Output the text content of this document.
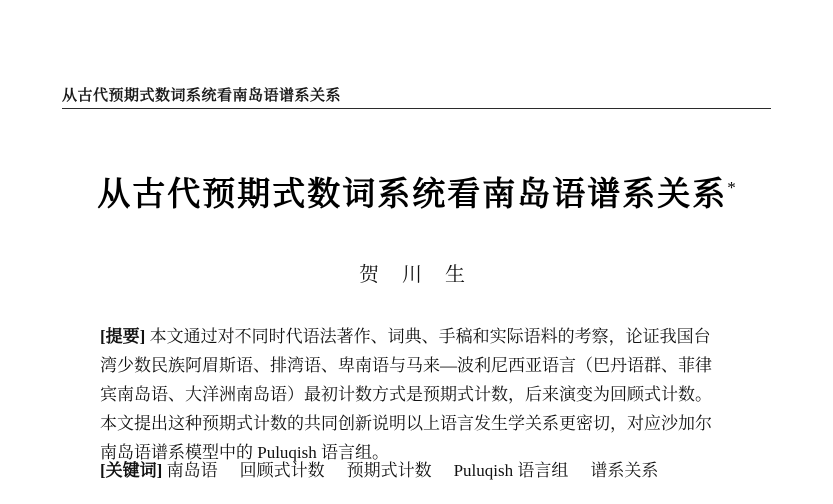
从古代预期式数词系统看南岛语谱系关系
从古代预期式数词系统看南岛语谱系关系*
贺 川 生
[提要] 本文通过对不同时代语法著作、词典、手稿和实际语料的考察，论证我国台
湾少数民族阿眉斯语、排湾语、卑南语与马来—波利尼西亚语言（巴丹语群、菲律
宾南岛语、大洋洲南岛语）最初计数方式是预期式计数，后来演变为回顾式计数。
本文提出这种预期式计数的共同创新说明以上语言发生学关系更密切，对应沙加尔
南岛语谱系模型中的 Puluqish 语言组。
[关键词] 南岛语 回顾式计数 预期式计数 Puluqish 语言组 谱系关系
